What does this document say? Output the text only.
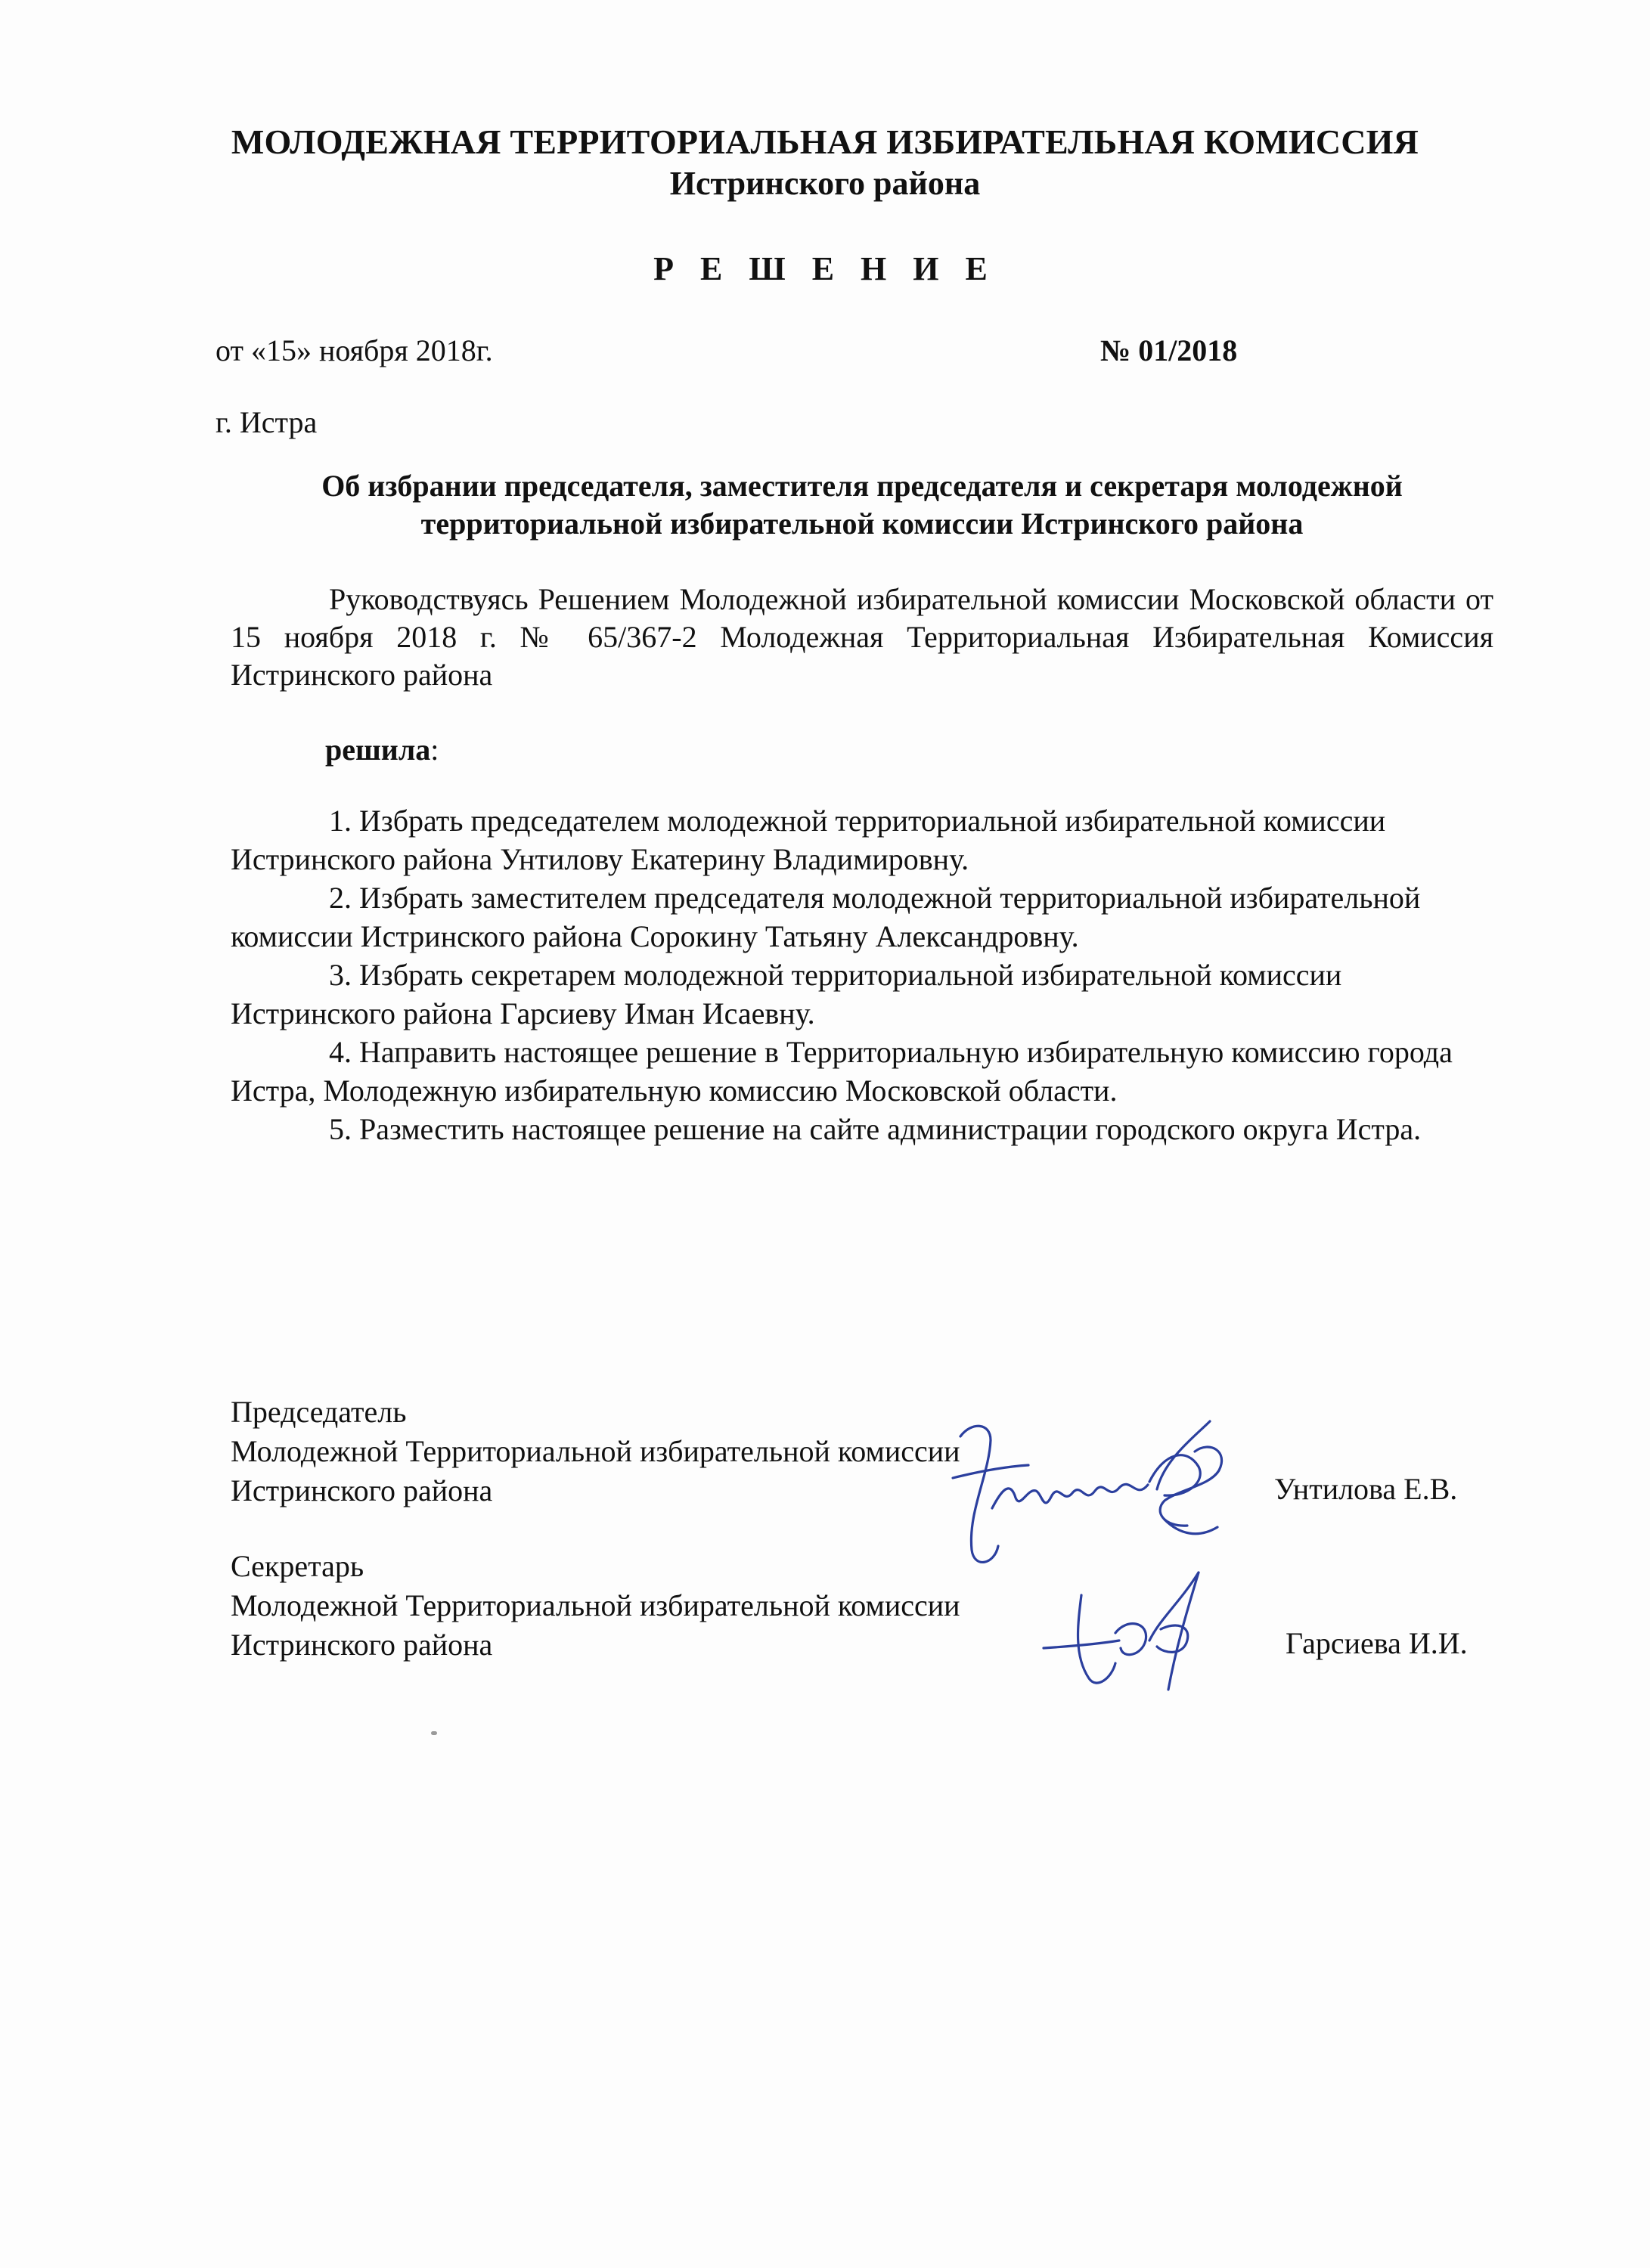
МОЛОДЕЖНАЯ ТЕРРИТОРИАЛЬНАЯ ИЗБИРАТЕЛЬНАЯ КОМИССИЯ
Истринского района
Р Е Ш Е Н И Е
от «15» ноября 2018г.	№ 01/2018
г. Истра
Об избрании председателя, заместителя председателя и секретаря молодежной территориальной избирательной комиссии Истринского района
Руководствуясь Решением Молодежной избирательной комиссии Московской области от 15 ноября 2018 г. № 65/367-2 Молодежная Территориальная Избирательная Комиссия Истринского района
решила:

1. Избрать председателем молодежной территориальной избирательной комиссии Истринского района Унтилову Екатерину Владимировну.

2. Избрать заместителем председателя молодежной территориальной избирательной комиссии Истринского района Сорокину Татьяну Александровну.

3. Избрать секретарем молодежной территориальной избирательной комиссии Истринского района Гарсиеву Иман Исаевну.

4. Направить настоящее решение в Территориальную избирательную комиссию города Истра, Молодежную избирательную комиссию Московской области.

5. Разместить настоящее решение на сайте администрации городского округа Истра.

Председатель

Молодежной Территориальной избирательной комиссии

Истринского района	Унтилова Е.В.

Секретарь

Молодежной Территориальной избирательной комиссии

Истринского района	Гарсиева И.И.
